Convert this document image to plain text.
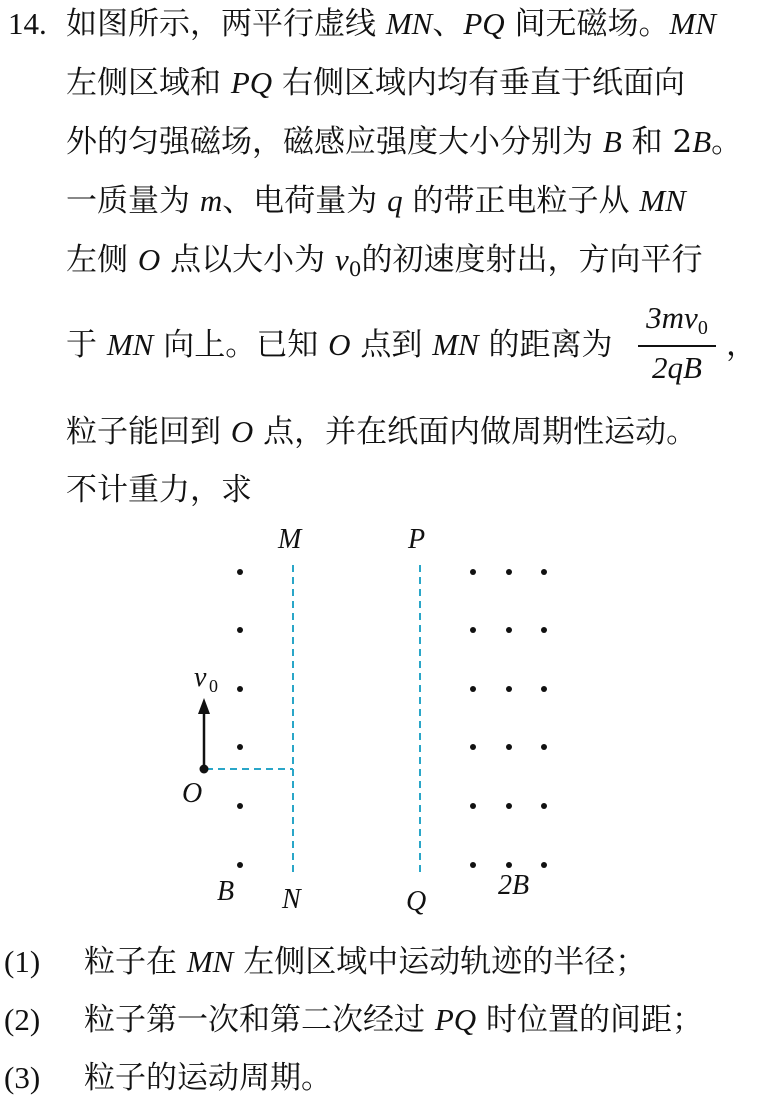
14. 如图所示，两平行虚线 MN、PQ 间无磁场。MN
左侧区域和 PQ 右侧区域内均有垂直于纸面向
外的匀强磁场，磁感应强度大小分别为 B 和 2B。
一质量为 m、电荷量为 q 的带正电粒子从 MN
左侧 O 点以大小为 $v_0$的初速度射出，方向平行
于 MN 向上。已知 O 点到 MN 的距离为
$3mv_0$
2qB
，
粒子能回到 O 点，并在纸面内做周期性运动。
不计重力，求
M
N
P
Q
O
v 0
B	2B
(1) 粒子在 MN 左侧区域中运动轨迹的半径；
(2) 粒子第一次和第二次经过 PQ 时位置的间距；
(3) 粒子的运动周期。
